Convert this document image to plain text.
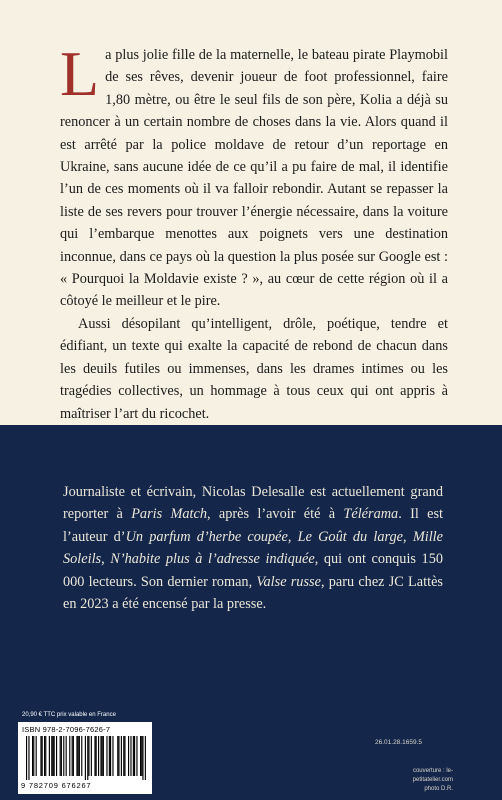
La plus jolie fille de la maternelle, le bateau pirate Playmobil de ses rêves, devenir joueur de foot professionnel, faire 1,80 mètre, ou être le seul fils de son père, Kolia a déjà su renoncer à un certain nombre de choses dans la vie. Alors quand il est arrêté par la police moldave de retour d’un reportage en Ukraine, sans aucune idée de ce qu’il a pu faire de mal, il identifie l’un de ces moments où il va falloir rebondir. Autant se repasser la liste de ses revers pour trouver l’énergie nécessaire, dans la voiture qui l’embarque menottes aux poignets vers une destination inconnue, dans ce pays où la question la plus posée sur Google est : « Pourquoi la Moldavie existe ? », au cœur de cette région où il a côtoyé le meilleur et le pire.

Aussi désopilant qu’intelligent, drôle, poétique, tendre et édifiant, un texte qui exalte la capacité de rebond de chacun dans les deuils futiles ou immenses, dans les drames intimes ou les tragédies collectives, un hommage à tous ceux qui ont appris à maîtriser l’art du ricochet.

Journaliste et écrivain, Nicolas Delesalle est actuellement grand reporter à Paris Match, après l’avoir été à Télérama. Il est l’auteur d’Un parfum d’herbe coupée, Le Goût du large, Mille Soleils, N’habite plus à l’adresse indiquée, qui ont conquis 150 000 lecteurs. Son dernier roman, Valse russe, paru chez JC Lattès en 2023 a été encensé par la presse.
20,90 € TTC prix valable en France
ISBN 978-2-7096-7626-7
9 782709 676267
26.01.28.1659.5
couverture : le-petitatelier.com
photo D.R.
